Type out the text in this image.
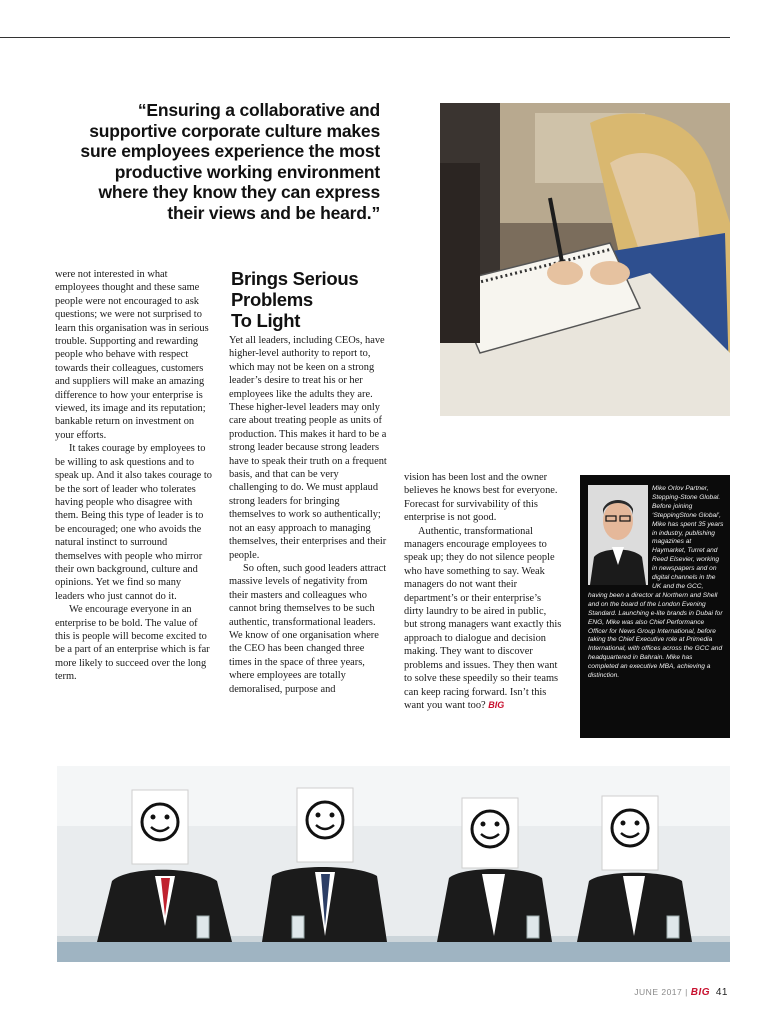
“Ensuring a collaborative and
supportive corporate culture makes
sure employees experience the most
productive working environment
where they know they can express
their views and be heard.”

were not interested in what employees thought and these same people were not encouraged to ask questions; we were not surprised to learn this organisation was in serious trouble. Supporting and rewarding people who behave with respect towards their colleagues, customers and suppliers will make an amazing difference to how your enterprise is viewed, its image and its reputation; bankable return on investment on your efforts.

It takes courage by employees to be willing to ask questions and to speak up. And it also takes courage to be the sort of leader who tolerates having people who disagree with them. Being this type of leader is to be encouraged; one who avoids the natural instinct to surround themselves with people who mirror their own background, culture and opinions. Yet we find so many leaders who just cannot do it.

We encourage everyone in an enterprise to be bold. The value of this is people will become excited to be a part of an enterprise which is far more likely to succeed over the long term.

Brings Serious
Problems
To Light

Yet all leaders, including CEOs, have higher-level authority to report to, which may not be keen on a strong leader’s desire to treat his or her employees like the adults they are. These higher-level leaders may only care about treating people as units of production. This makes it hard to be a strong leader because strong leaders have to speak their truth on a frequent basis, and that can be very challenging to do. We must applaud strong leaders for bringing themselves to work so authentically; not an easy approach to managing themselves, their enterprises and their people.

So often, such good leaders attract massive levels of negativity from their masters and colleagues who cannot bring themselves to be such authentic, transformational leaders. We know of one organisation where the CEO has been changed three times in the space of three years, where employees are totally demoralised, purpose and

vision has been lost and the owner believes he knows best for everyone. Forecast for survivability of this enterprise is not good.

Authentic, transformational managers encourage employees to speak up; they do not silence people who have something to say. Weak managers do not want their department’s or their enterprise’s dirty laundry to be aired in public, but strong managers want exactly this approach to dialogue and decision making. They want to discover problems and issues. They then want to solve these speedily so their teams can keep racing forward. Isn’t this want you want too? BIG

Mike Orlov Partner, Stepping-Stone Global. Before joining ‘SteppingStone Global’, Mike has spent 35 years in industry, publishing magazines at Haymarket, Turret and Reed Elsevier, working in newspapers and on digital channels in the UK and the GCC, having been a director at Northern and Shell and on the board of the London Evening Standard. Launching e-lite brands in Dubai for ENG, Mike was also Chief Performance Officer for News Group International, before taking the Chief Executive role at Primedia International, with offices across the GCC and headquartered in Bahrain. Mike has completed an executive MBA, achieving a distinction.
JUNE 2017 | BIG 41
